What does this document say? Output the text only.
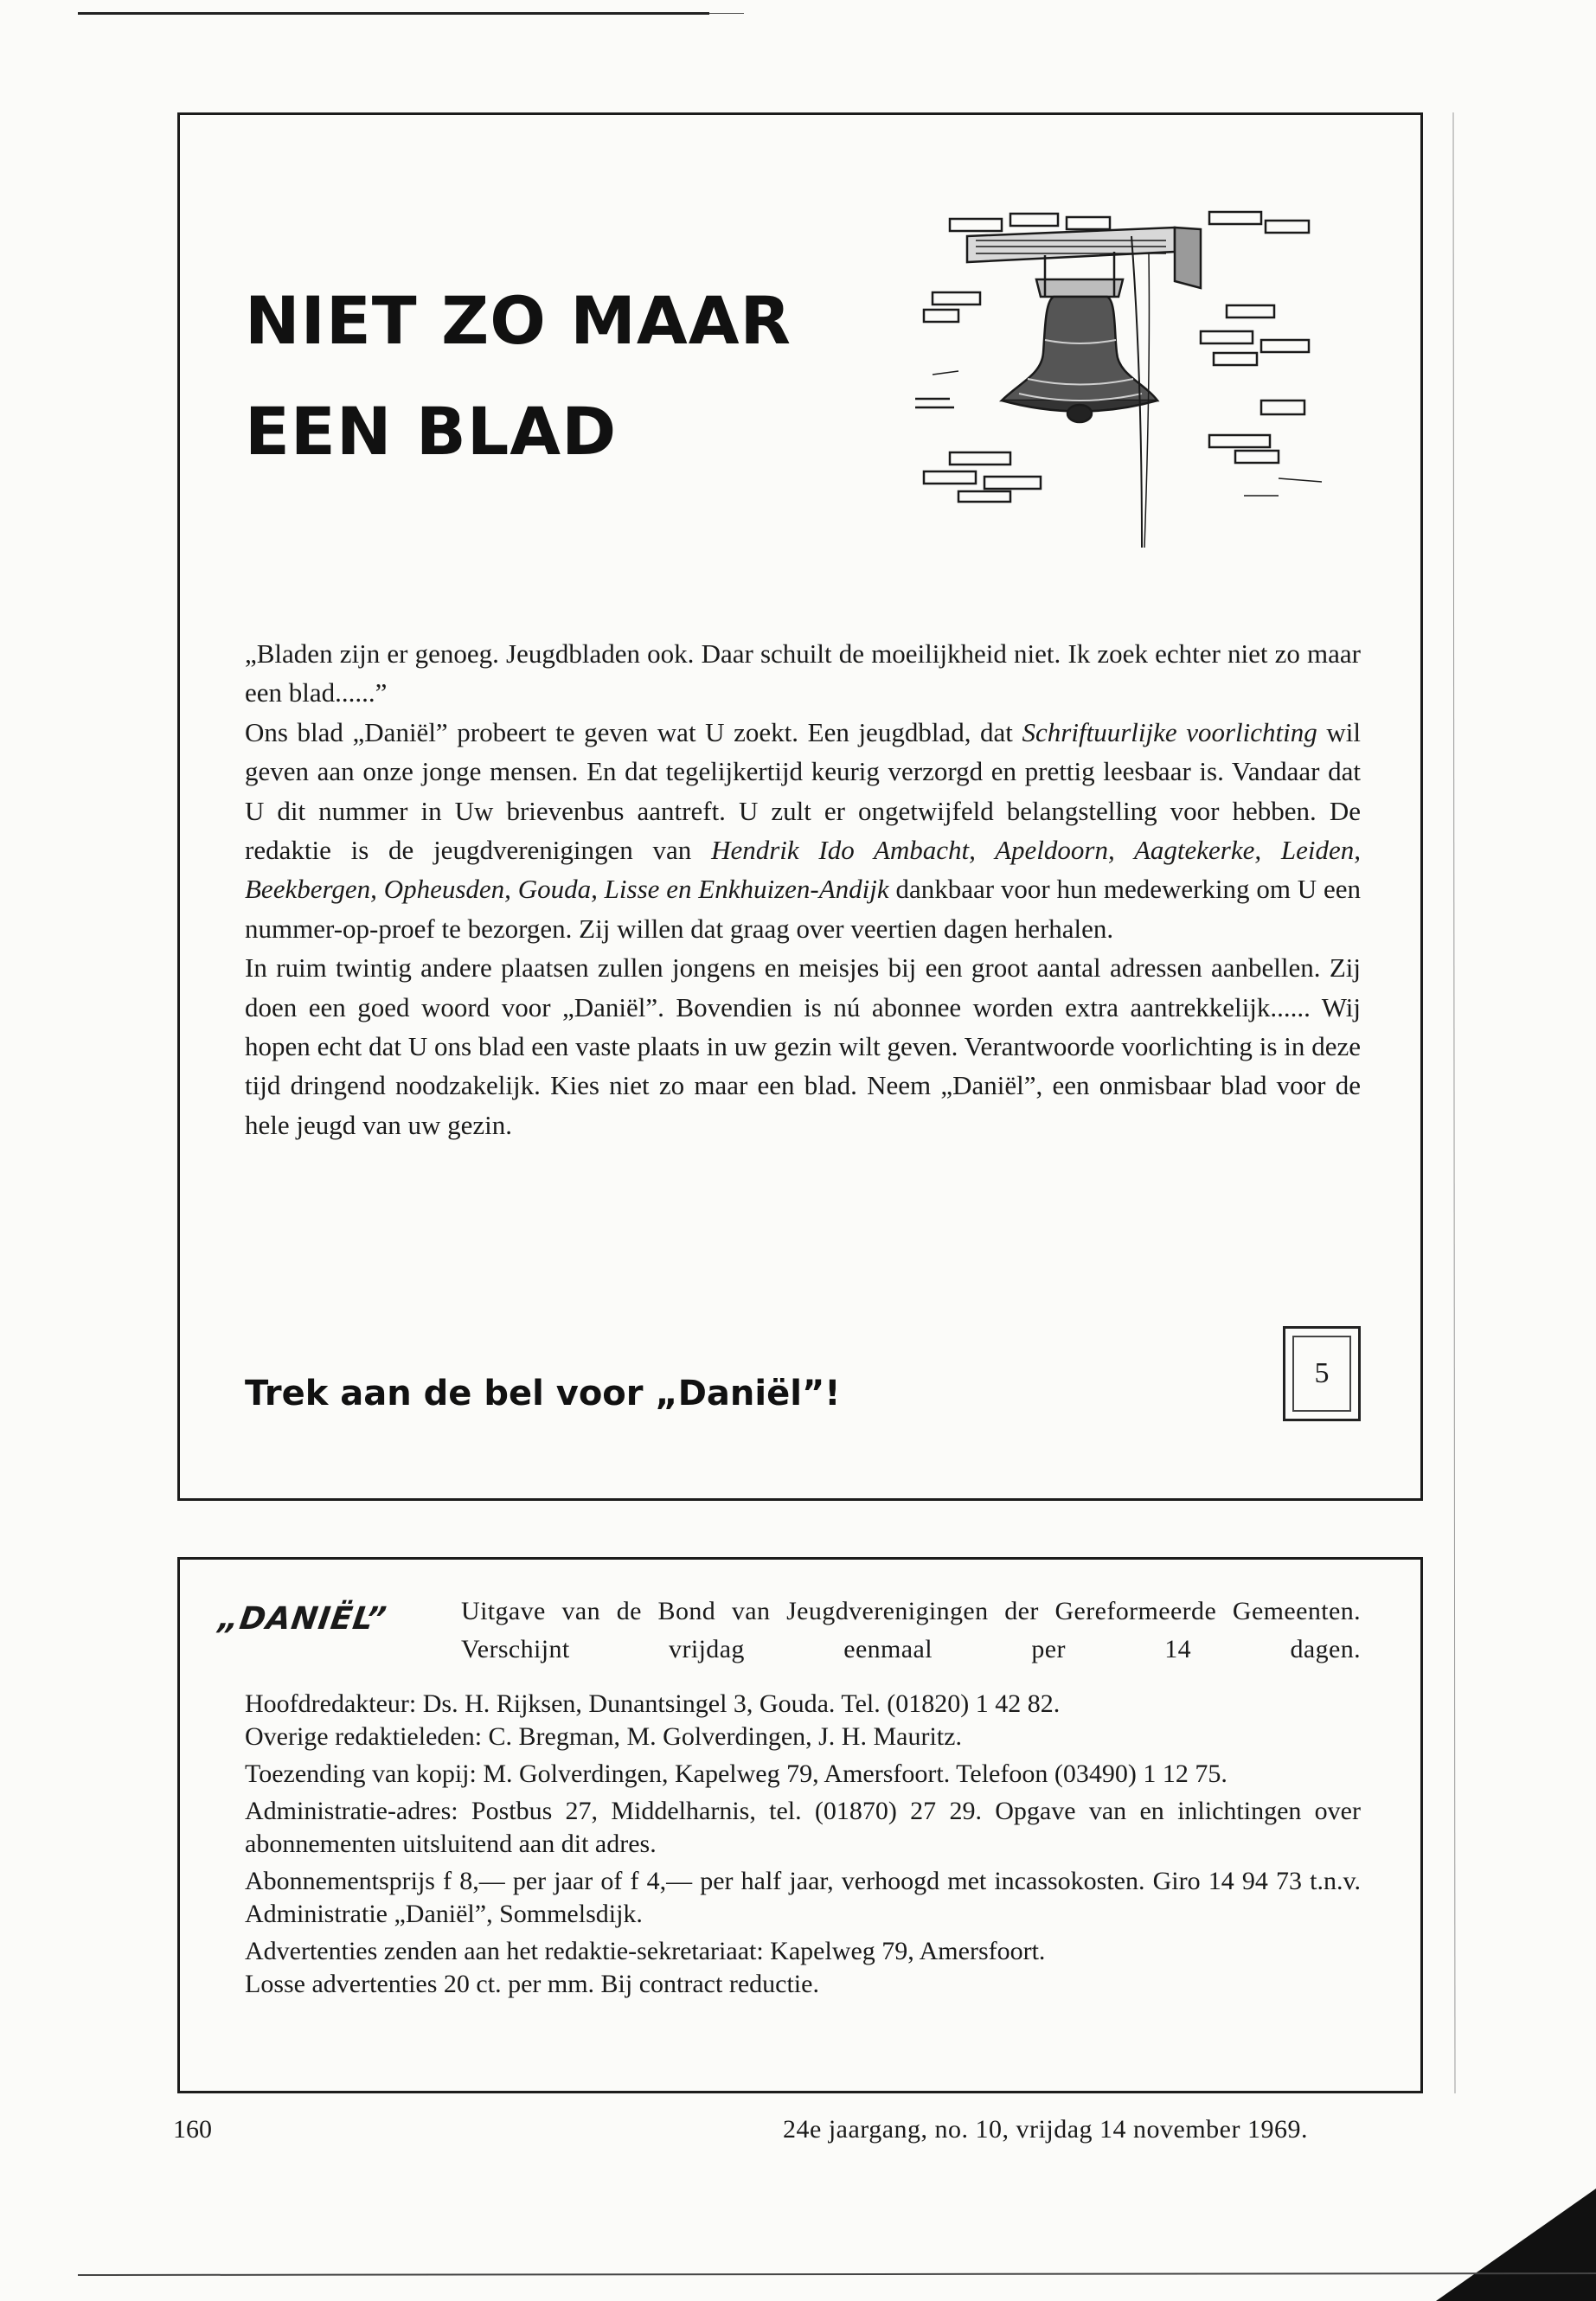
NIET ZO MAAR
EEN BLAD

„Bladen zijn er genoeg. Jeugdbladen ook. Daar schuilt de moeilijkheid niet. Ik zoek echter niet zo maar een blad......”
Ons blad „Daniël” probeert te geven wat U zoekt. Een jeugdblad, dat Schriftuurlijke voorlichting wil geven aan onze jonge mensen. En dat tegelijkertijd keurig verzorgd en prettig leesbaar is. Vandaar dat U dit nummer in Uw brievenbus aantreft. U zult er ongetwijfeld belangstelling voor hebben. De redaktie is de jeugdverenigingen van Hendrik Ido Ambacht, Apeldoorn, Aagtekerke, Leiden, Beekbergen, Opheusden, Gouda, Lisse en Enkhuizen-Andijk dankbaar voor hun medewerking om U een nummer-op-proef te bezorgen. Zij willen dat graag over veertien dagen herhalen.
In ruim twintig andere plaatsen zullen jongens en meisjes bij een groot aantal adressen aanbellen. Zij doen een goed woord voor „Daniël”. Bovendien is nú abonnee worden extra aantrekkelijk...... Wij hopen echt dat U ons blad een vaste plaats in uw gezin wilt geven. Verantwoorde voorlichting is in deze tijd dringend noodzakelijk. Kies niet zo maar een blad. Neem „Daniël”, een onmisbaar blad voor de hele jeugd van uw gezin.

Trek aan de bel voor „Daniël”!
5
„DANIËL”	Uitgave van de Bond van Jeugdverenigingen der Gereformeerde Gemeenten. Verschijnt vrijdag eenmaal per 14 dagen.

Hoofdredakteur: Ds. H. Rijksen, Dunantsingel 3, Gouda. Tel. (01820) 1 42 82.

Overige redaktieleden: C. Bregman, M. Golverdingen, J. H. Mauritz.

Toezending van kopij: M. Golverdingen, Kapelweg 79, Amersfoort. Telefoon (03490) 1 12 75.

Administratie-adres: Postbus 27, Middelharnis, tel. (01870) 27 29. Opgave van en inlichtingen over abonnementen uitsluitend aan dit adres.

Abonnementsprijs f 8,— per jaar of f 4,— per half jaar, verhoogd met incassokosten. Giro 14 94 73 t.n.v. Administratie „Daniël”, Sommelsdijk.

Advertenties zenden aan het redaktie-sekretariaat: Kapelweg 79, Amersfoort.

Losse advertenties 20 ct. per mm. Bij contract reductie.

160	24e jaargang, no. 10, vrijdag 14 november 1969.
